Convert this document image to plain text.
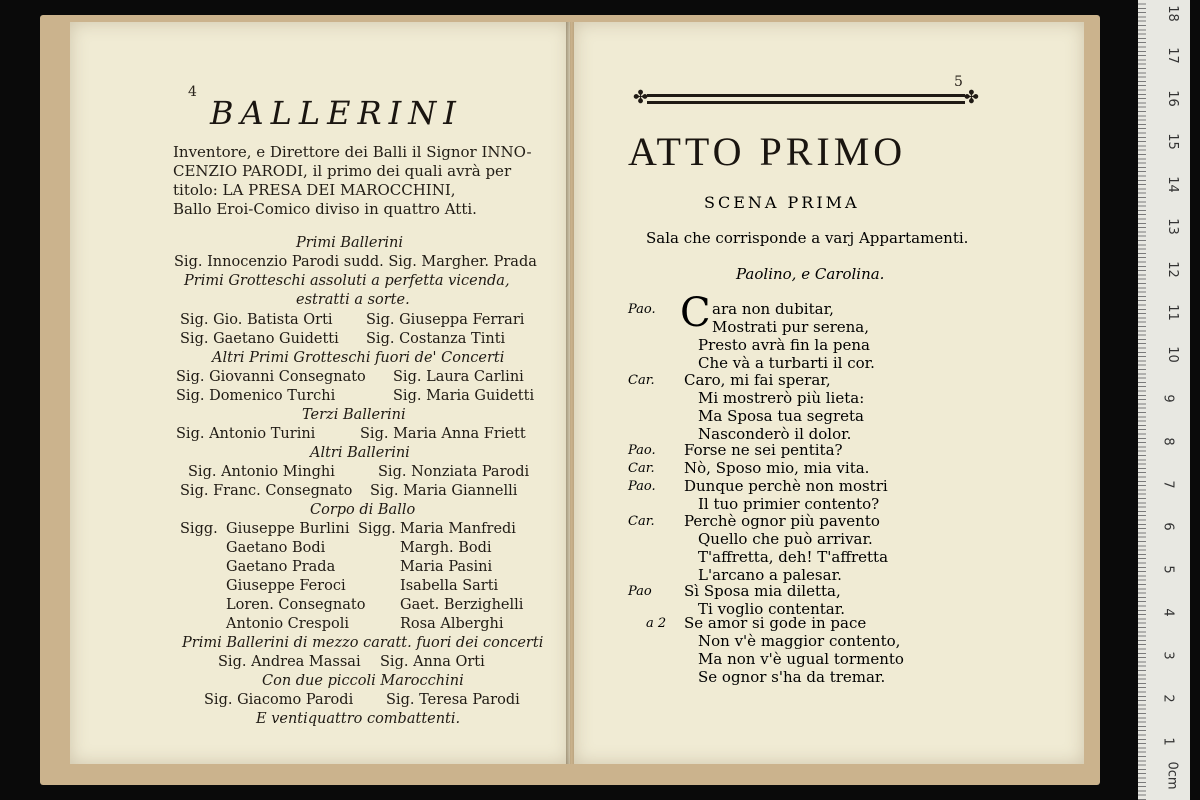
4
BALLERINI
Inventore, e Direttore dei Balli il Signor INNO-
CENZIO PARODI, il primo dei quali avrà per
titolo: LA PRESA DEI MAROCCHINI,
Ballo Eroi-Comico diviso in quattro Atti.
Primi Ballerini
Sig. Innocenzio Parodi sudd. Sig. Margher. Prada
Primi Grotteschi assoluti a perfetta vicenda,
estratti a sorte.
Sig. Gio. Batista Orti Sig. Giuseppa Ferrari
Sig. Gaetano Guidetti Sig. Costanza Tinti
Altri Primi Grotteschi fuori de' Concerti
Sig. Giovanni Consegnato Sig. Laura Carlini
Sig. Domenico Turchi	Sig. Maria Guidetti
Terzi Ballerini
Sig. Antonio Turini	Sig. Maria Anna Friett
Altri Ballerini
Sig. Antonio Minghi	Sig. Nonziata Parodi
Sig. Franc. Consegnato Sig. Maria Giannelli
Corpo di Ballo
Sigg. Giuseppe Burlini Sigg. Maria Manfredi
Gaetano Bodi	Margh. Bodi
Gaetano Prada	Maria Pasini
Giuseppe Feroci	Isabella Sarti
Loren. Consegnato Gaet. Berzighelli
Antonio Crespoli	Rosa Alberghi
Primi Ballerini di mezzo caratt. fuori dei concerti
Sig. Andrea Massai Sig. Anna Orti
Con due piccoli Marocchini
Sig. Giacomo Parodi Sig. Teresa Parodi
E ventiquattro combattenti.
5
✤	✤
ATTO PRIMO
SCENA PRIMA
Sala che corrisponde a varj Appartamenti.
Paolino, e Carolina.
Pao. C ara non dubitar,
Mostrati pur serena,
Presto avrà fin la pena
Che và a turbarti il cor.
Car. Caro, mi fai sperar,
Mi mostrerò più lieta:
Ma Sposa tua segreta
Nasconderò il dolor.
Pao. Forse ne sei pentita?
Car. Nò, Sposo mio, mia vita.
Pao. Dunque perchè non mostri
Il tuo primier contento?
Car. Perchè ognor più pavento
Quello che può arrivar.
T'affretta, deh! T'affretta
L'arcano a palesar.
Pao Sì Sposa mia diletta,
Ti voglio contentar.
a 2 Se amor si gode in pace
Non v'è maggior contento,
Ma non v'è ugual tormento
Se ognor s'ha da tremar.
18
17
16
15
14
13
12
11
10
9
8
7
6
5
4
3
2
1
0cm
